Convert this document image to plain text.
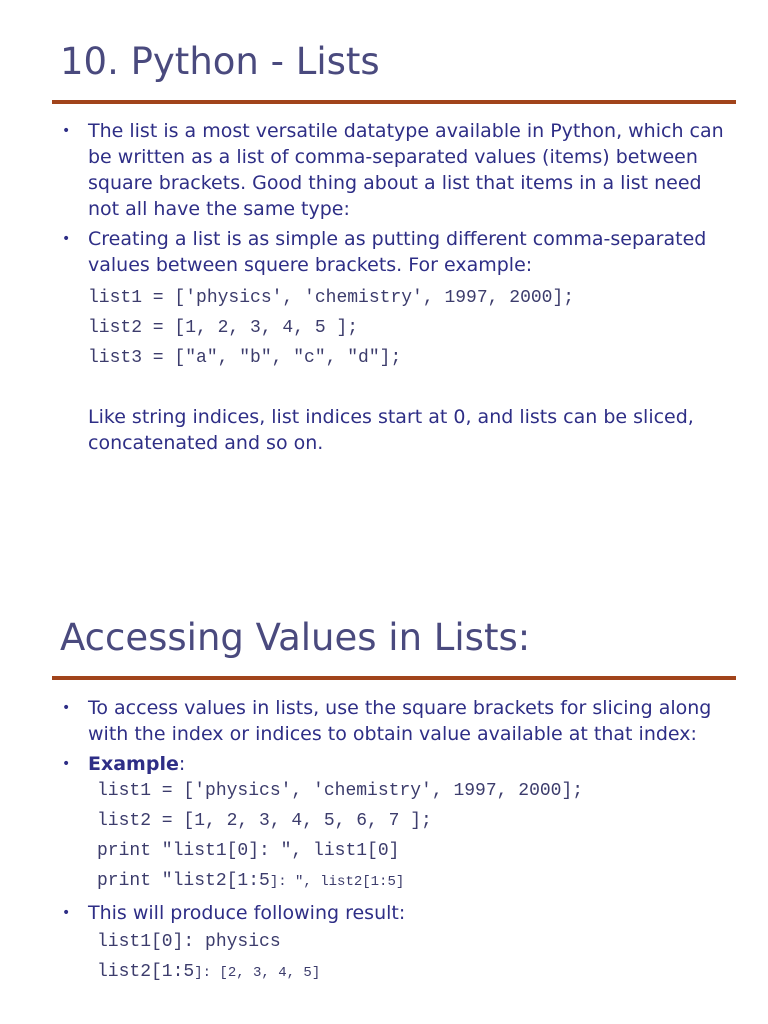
10. Python - Lists
• The list is a most versatile datatype available in Python, which can be written as a list of comma-separated values (items) between square brackets. Good thing about a list that items in a list need not all have the same type:
• Creating a list is as simple as putting different comma-separated values between squere brackets. For example:
list1 = ['physics', 'chemistry', 1997, 2000];
list2 = [1, 2, 3, 4, 5 ];
list3 = ["a", "b", "c", "d"];
Like string indices, list indices start at 0, and lists can be sliced, concatenated and so on.
Accessing Values in Lists:
• To access values in lists, use the square brackets for slicing along with the index or indices to obtain value available at that index:
• Example:
list1 = ['physics', 'chemistry', 1997, 2000];
list2 = [1, 2, 3, 4, 5, 6, 7 ];
print "list1[0]: ", list1[0]
print "list2[1:5]: ", list2[1:5]
• This will produce following result:
list1[0]: physics
list2[1:5]: [2, 3, 4, 5]
